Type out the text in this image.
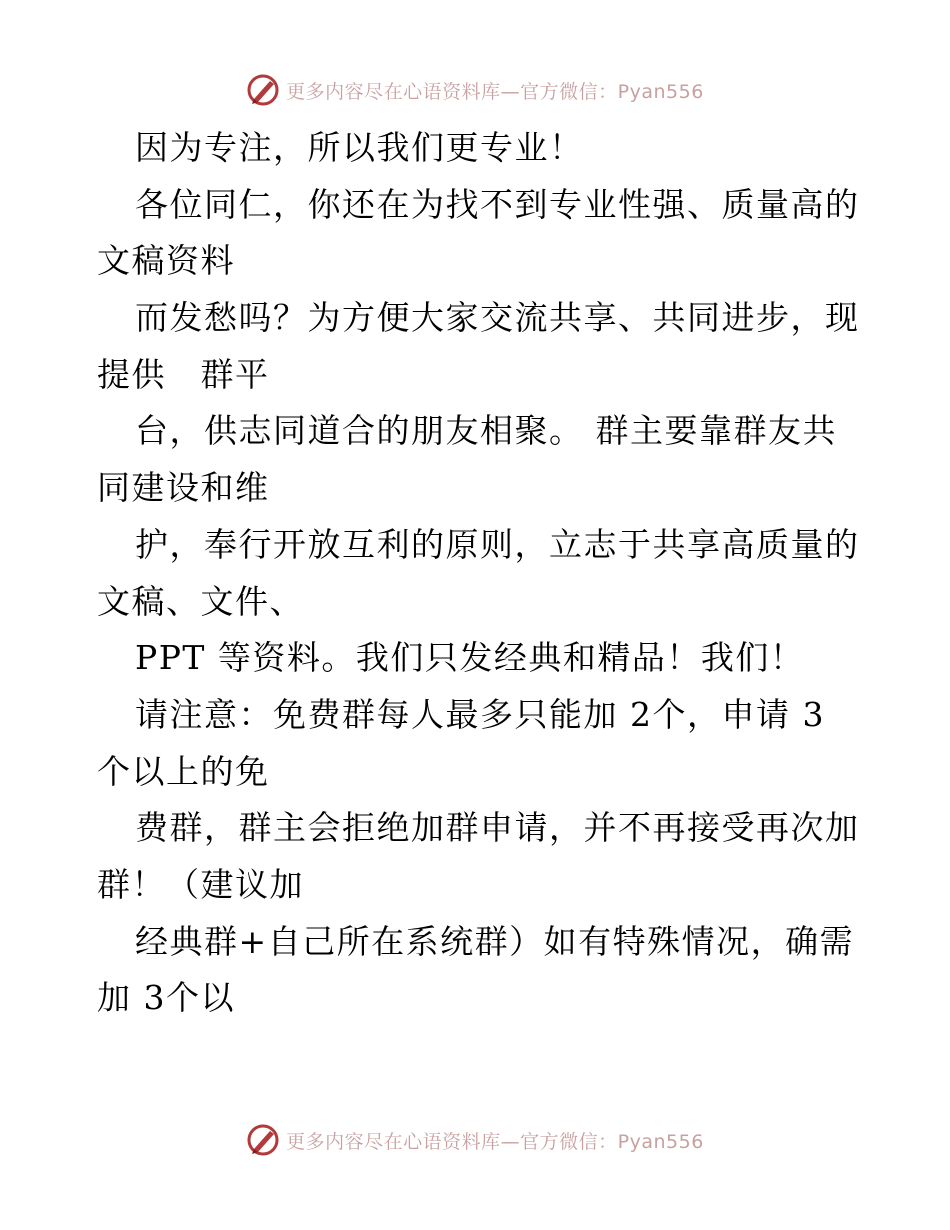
更多内容尽在心语资料库—官方微信：Pyan556
因为专注，所以我们更专业！
各位同仁，你还在为找不到专业性强、质量高的
文稿资料
而发愁吗？为方便大家交流共享、共同进步，现
提供　群平
台，供志同道合的朋友相聚。 群主要靠群友共
同建设和维
护，奉行开放互利的原则，立志于共享高质量的
文稿、文件、
PPT 等资料。我们只发经典和精品！我们！
请注意：免费群每人最多只能加 2个，申请 3
个以上的免
费群，群主会拒绝加群申请，并不再接受再次加
群！（建议加
经典群+自己所在系统群）如有特殊情况，确需
加 3个以
更多内容尽在心语资料库—官方微信：Pyan556
